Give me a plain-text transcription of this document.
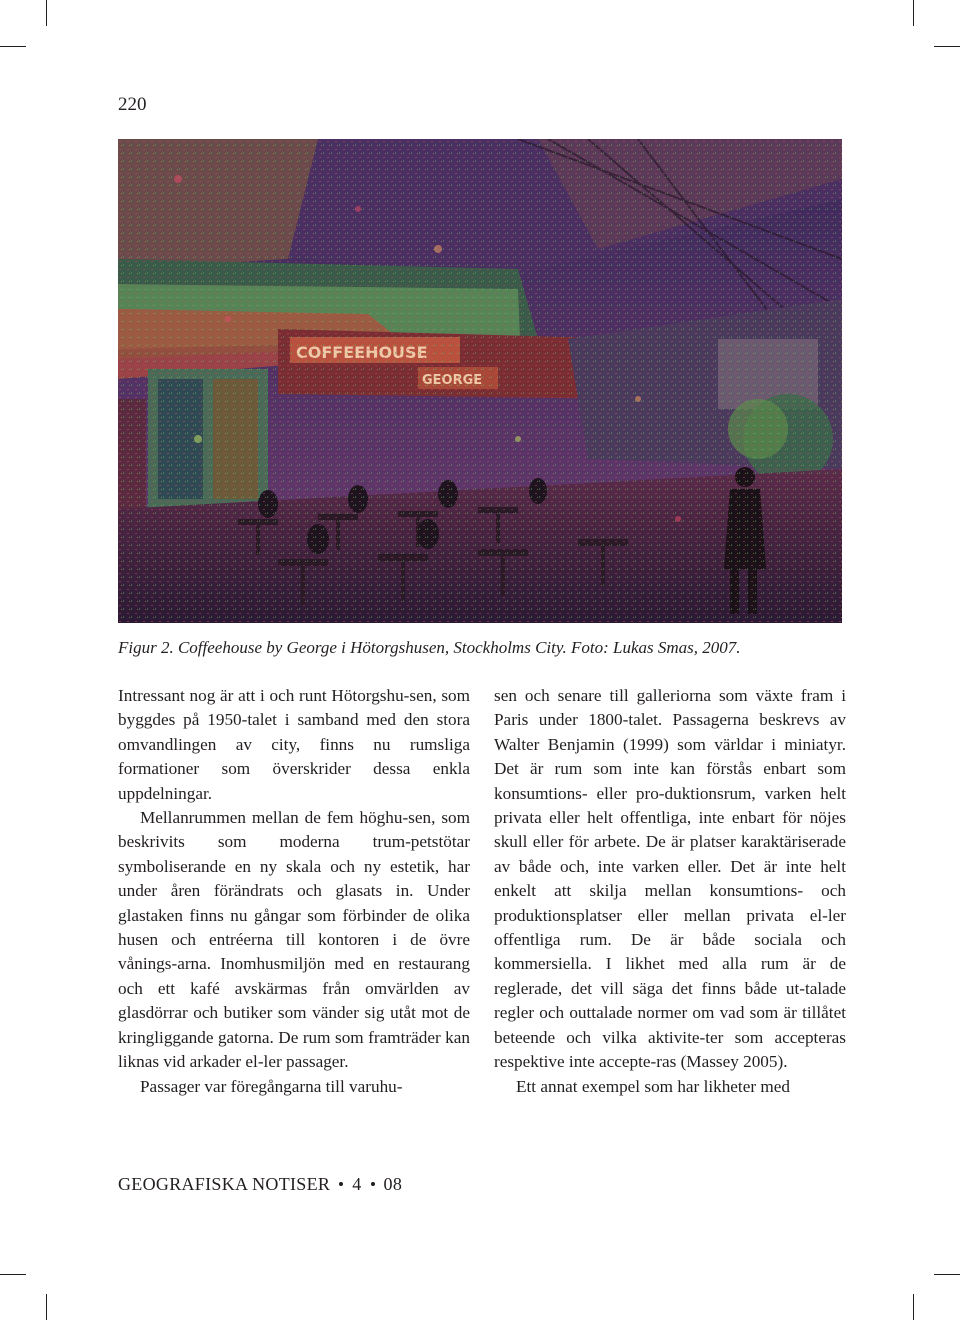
220
Figur 2. Coffeehouse by George i Hötorgshusen, Stockholms City. Foto: Lukas Smas, 2007.

Intressant nog är att i och runt Hötorgshu-sen, som byggdes på 1950-talet i samband med den stora omvandlingen av city, finns nu rumsliga formationer som överskrider dessa enkla uppdelningar.

Mellanrummen mellan de fem höghu-sen, som beskrivits som moderna trum-petstötar symboliserande en ny skala och ny estetik, har under åren förändrats och glasats in. Under glastaken finns nu gångar som förbinder de olika husen och entréerna till kontoren i de övre vånings-arna. Inomhusmiljön med en restaurang och ett kafé avskärmas från omvärlden av glasdörrar och butiker som vänder sig utåt mot de kringliggande gatorna. De rum som framträder kan liknas vid arkader el-ler passager.

Passager var föregångarna till varuhu-

sen och senare till galleriorna som växte fram i Paris under 1800-talet. Passagerna beskrevs av Walter Benjamin (1999) som världar i miniatyr. Det är rum som inte kan förstås enbart som konsumtions- eller pro-duktionsrum, varken helt privata eller helt offentliga, inte enbart för nöjes skull eller för arbete. De är platser karaktäriserade av både och, inte varken eller. Det är inte helt enkelt att skilja mellan konsumtions- och produktionsplatser eller mellan privata el-ler offentliga rum. De är både sociala och kommersiella. I likhet med alla rum är de reglerade, det vill säga det finns både ut-talade regler och outtalade normer om vad som är tillåtet beteende och vilka aktivite-ter som accepteras respektive inte accepte-ras (Massey 2005).

Ett annat exempel som har likheter med

GEOGRAFISKA NOTISER 4 08
